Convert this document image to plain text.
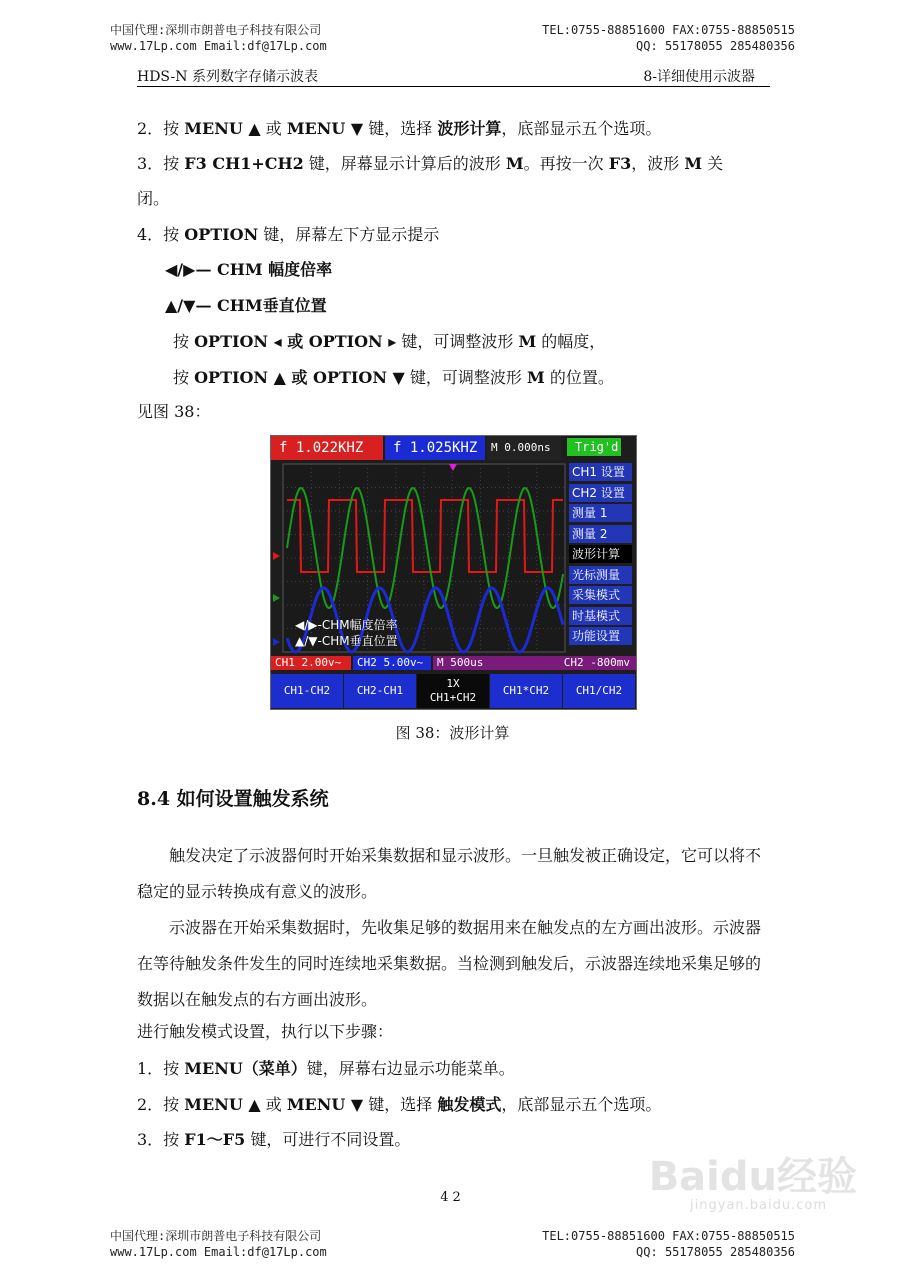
中国代理:深圳市朗普电子科技有限公司
www.17Lp.com Email:df@17Lp.com
TEL:0755-88851600 FAX:0755-88850515
QQ: 55178055 285480356
HDS-N 系列数字存储示波表	8-详细使用示波器
2．按 MENU ▲ 或 MENU ▼ 键，选择 波形计算，底部显示五个选项。
3．按 F3 CH1+CH2 键，屏幕显示计算后的波形 M。再按一次 F3，波形 M 关
闭。
4．按 OPTION 键，屏幕左下方显示提示
◀/▶— CHM 幅度倍率
▲/▼— CHM垂直位置
按 OPTION ◂ 或 OPTION ▸ 键，可调整波形 M 的幅度，
按 OPTION ▲ 或 OPTION ▼ 键，可调整波形 M 的位置。
见图 38：
f 1.022KHZ	f 1.025KHZ	M 0.000ns	Trig'd
◀/▶-CHM幅度倍率
▲/▼-CHM垂直位置
CH1 设置
CH2 设置
测量 1
测量 2
波形计算
光标测量
采集模式
时基模式
功能设置
CH1 2.00v~	CH2 5.00v~	M 500us	CH2 -800mv
CH1-CH2	CH2-CH1
1X
CH1+CH2
CH1*CH2	CH1/CH2
图 38：波形计算
8.4 如何设置触发系统

触发决定了示波器何时开始采集数据和显示波形。一旦触发被正确设定，它可以将不稳定的显示转换成有意义的波形。

示波器在开始采集数据时，先收集足够的数据用来在触发点的左方画出波形。示波器在等待触发条件发生的同时连续地采集数据。当检测到触发后，示波器连续地采集足够的数据以在触发点的右方画出波形。

进行触发模式设置，执行以下步骤：
1．按 MENU（菜单）键，屏幕右边显示功能菜单。
2．按 MENU ▲ 或 MENU ▼ 键，选择 触发模式，底部显示五个选项。
3．按 F1～F5 键，可进行不同设置。
42	Baidu经验
jingyan.baidu.com
中国代理:深圳市朗普电子科技有限公司
www.17Lp.com Email:df@17Lp.com
TEL:0755-88851600 FAX:0755-88850515
QQ: 55178055 285480356
